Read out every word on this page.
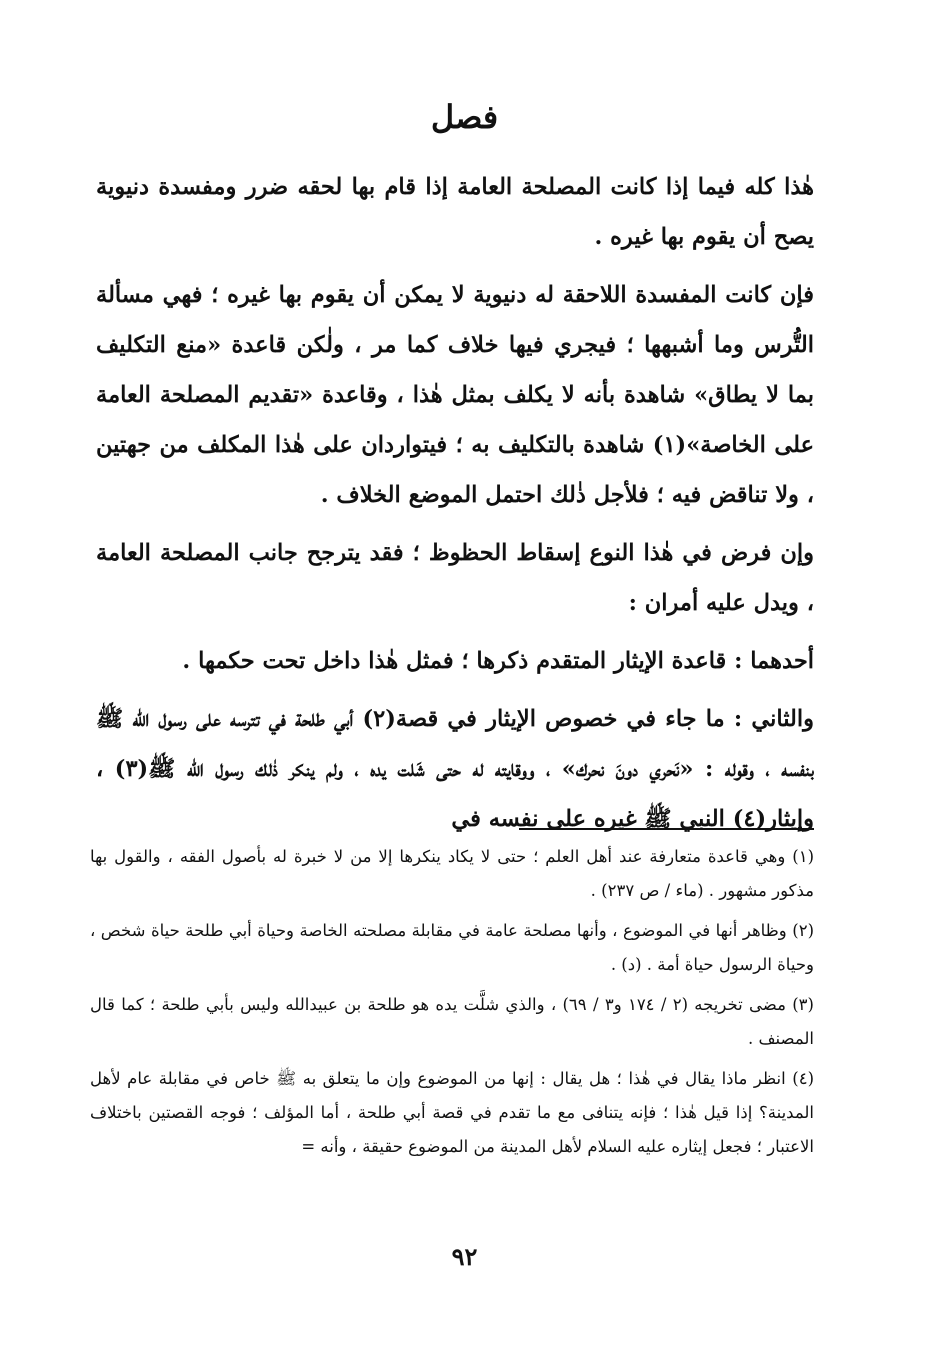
فصل

هٰذا كله فيما إذا كانت المصلحة العامة إذا قام بها لحقه ضرر ومفسدة دنيوية يصح أن يقوم بها غيره .

فإن كانت المفسدة اللاحقة له دنيوية لا يمكن أن يقوم بها غيره ؛ فهي مسألة التُّرس وما أشبهها ؛ فيجري فيها خلاف كما مر ، ولٰكن قاعدة «منع التكليف بما لا يطاق» شاهدة بأنه لا يكلف بمثل هٰذا ، وقاعدة «تقديم المصلحة العامة على الخاصة»(١) شاهدة بالتكليف به ؛ فيتواردان على هٰذا المكلف من جهتين ، ولا تناقض فيه ؛ فلأجل ذٰلك احتمل الموضع الخلاف .

وإن فرض في هٰذا النوع إسقاط الحظوظ ؛ فقد يترجح جانب المصلحة العامة ، ويدل عليه أمران :

أحدهما : قاعدة الإيثار المتقدم ذكرها ؛ فمثل هٰذا داخل تحت حكمها .

والثاني : ما جاء في خصوص الإيثار في قصة(٢) أبي طلحة في تترسه على رسول الله ﷺ بنفسه ، وقوله : «نَحري دونَ نحرك» ، ووقايته له حتى شَلت يده ، ولم ينكر ذٰلك رسول الله ﷺ(٣) ، وإيثار(٤) النبي ﷺ غيره على نفسه في

(١) وهي قاعدة متعارفة عند أهل العلم ؛ حتى لا يكاد ينكرها إلا من لا خبرة له بأصول الفقه ، والقول بها مذكور مشهور . (ماء / ص ٢٣٧) .

(٢) وظاهر أنها في الموضوع ، وأنها مصلحة عامة في مقابلة مصلحته الخاصة وحياة أبي طلحة حياة شخص ، وحياة الرسول حياة أمة . (د) .

(٣) مضى تخريجه (٢ / ١٧٤ و٣ / ٦٩) ، والذي شلَّت يده هو طلحة بن عبيدالله وليس بأبي طلحة ؛ كما قال المصنف .

(٤) انظر ماذا يقال في هٰذا ؛ هل يقال : إنها من الموضوع وإن ما يتعلق به ﷺ خاص في مقابلة عام لأهل المدينة؟ إذا قيل هٰذا ؛ فإنه يتنافى مع ما تقدم في قصة أبي طلحة ، أما المؤلف ؛ فوجه القصتين باختلاف الاعتبار ؛ فجعل إيثاره عليه السلام لأهل المدينة من الموضوع حقيقة ، وأنه =

٩٢
